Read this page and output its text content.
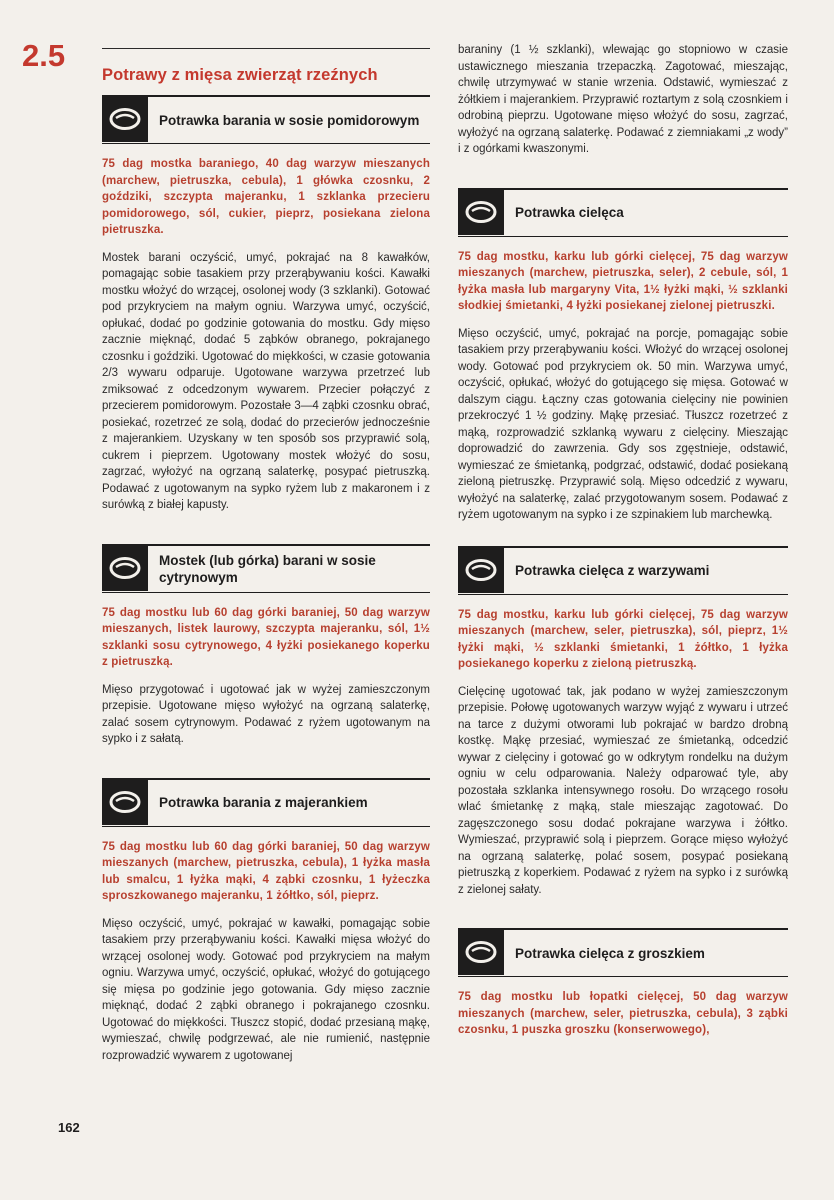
2.5
Potrawy z mięsa zwierząt rzeźnych
Potrawka barania w sosie pomidorowym

75 dag mostka baraniego, 40 dag warzyw mieszanych (marchew, pietruszka, cebula), 1 główka czosnku, 2 goździki, szczypta majeranku, 1 szklanka przecieru pomidorowego, sól, cukier, pieprz, posiekana zielona pietruszka.

Mostek barani oczyścić, umyć, pokrajać na 8 kawałków, pomagając sobie tasakiem przy przerąbywaniu kości. Kawałki mostku włożyć do wrzącej, osolonej wody (3 szklanki). Gotować pod przykryciem na małym ogniu. Warzywa umyć, oczyścić, opłukać, dodać po godzinie gotowania do mostku. Gdy mięso zacznie mięknąć, dodać 5 ząbków obranego, pokrajanego czosnku i goździki. Ugotować do miękkości, w czasie gotowania 2/3 wywaru odparuje. Ugotowane warzywa przetrzeć lub zmiksować z odcedzonym wywarem. Przecier połączyć z przecierem pomidorowym. Pozostałe 3—4 ząbki czosnku obrać, posiekać, rozetrzeć ze solą, dodać do przecierów jednocześnie z majerankiem. Uzyskany w ten sposób sos przyprawić solą, cukrem i pieprzem. Ugotowany mostek włożyć do sosu, zagrzać, wyłożyć na ogrzaną salaterkę, posypać pietruszką. Podawać z ugotowanym na sypko ryżem lub z makaronem i z surówką z białej kapusty.

Mostek (lub górka) barani w sosie cytrynowym

75 dag mostku lub 60 dag górki baraniej, 50 dag warzyw mieszanych, listek laurowy, szczypta majeranku, sól, 1½ szklanki sosu cytrynowego, 4 łyżki posiekanego koperku z pietruszką.

Mięso przygotować i ugotować jak w wyżej zamieszczonym przepisie. Ugotowane mięso wyłożyć na ogrzaną salaterkę, zalać sosem cytrynowym. Podawać z ryżem ugotowanym na sypko i z sałatą.

Potrawka barania z majerankiem

75 dag mostku lub 60 dag górki baraniej, 50 dag warzyw mieszanych (marchew, pietruszka, cebula), 1 łyżka masła lub smalcu, 1 łyżka mąki, 4 ząbki czosnku, 1 łyżeczka sproszkowanego majeranku, 1 żółtko, sól, pieprz.

Mięso oczyścić, umyć, pokrajać w kawałki, pomagając sobie tasakiem przy przerąbywaniu kości. Kawałki mięsa włożyć do wrzącej osolonej wody. Gotować pod przykryciem na małym ogniu. Warzywa umyć, oczyścić, opłukać, włożyć do gotującego się mięsa po godzinie jego gotowania. Gdy mięso zacznie mięknąć, dodać 2 ząbki obranego i pokrajanego czosnku. Ugotować do miękkości. Tłuszcz stopić, dodać przesianą mąkę, wymieszać, chwilę podgrzewać, ale nie rumienić, następnie rozprowadzić wywarem z ugotowanej

baraniny (1 ½ szklanki), wlewając go stopniowo w czasie ustawicznego mieszania trzepaczką. Zagotować, mieszając, chwilę utrzymywać w stanie wrzenia. Odstawić, wymieszać z żółtkiem i majerankiem. Przyprawić roztartym z solą czosnkiem i odrobiną pieprzu. Ugotowane mięso włożyć do sosu, zagrzać, wyłożyć na ogrzaną salaterkę. Podawać z ziemniakami „z wody” i z ogórkami kwaszonymi.

Potrawka cielęca

75 dag mostku, karku lub górki cielęcej, 75 dag warzyw mieszanych (marchew, pietruszka, seler), 2 cebule, sól, 1 łyżka masła lub margaryny Vita, 1½ łyżki mąki, ½ szklanki słodkiej śmietanki, 4 łyżki posiekanej zielonej pietruszki.

Mięso oczyścić, umyć, pokrajać na porcje, pomagając sobie tasakiem przy przerąbywaniu kości. Włożyć do wrzącej osolonej wody. Gotować pod przykryciem ok. 50 min. Warzywa umyć, oczyścić, opłukać, włożyć do gotującego się mięsa. Gotować w dalszym ciągu. Łączny czas gotowania cielęciny nie powinien przekroczyć 1 ½ godziny. Mąkę przesiać. Tłuszcz rozetrzeć z mąką, rozprowadzić szklanką wywaru z cielęciny. Mieszając doprowadzić do zawrzenia. Gdy sos zgęstnieje, odstawić, wymieszać ze śmietanką, podgrzać, odstawić, dodać posiekaną zieloną pietruszkę. Przyprawić solą. Mięso odcedzić z wywaru, wyłożyć na salaterkę, zalać przygotowanym sosem. Podawać z ryżem ugotowanym na sypko i ze szpinakiem lub marchewką.

Potrawka cielęca z warzywami

75 dag mostku, karku lub górki cielęcej, 75 dag warzyw mieszanych (marchew, seler, pietruszka), sól, pieprz, 1½ łyżki mąki, ½ szklanki śmietanki, 1 żółtko, 1 łyżka posiekanego koperku z zieloną pietruszką.

Cielęcinę ugotować tak, jak podano w wyżej zamieszczonym przepisie. Połowę ugotowanych warzyw wyjąć z wywaru i utrzeć na tarce z dużymi otworami lub pokrajać w bardzo drobną kostkę. Mąkę przesiać, wymieszać ze śmietanką, odcedzić wywar z cielęciny i gotować go w odkrytym rondelku na dużym ogniu w celu odparowania. Należy odparować tyle, aby pozostała szklanka intensywnego rosołu. Do wrzącego rosołu wlać śmietankę z mąką, stale mieszając zagotować. Do zagęszczonego sosu dodać pokrajane warzywa i żółtko. Wymieszać, przyprawić solą i pieprzem. Gorące mięso wyłożyć na ogrzaną salaterkę, polać sosem, posypać posiekaną pietruszką z koperkiem. Podawać z ryżem na sypko i z surówką z zielonej sałaty.

Potrawka cielęca z groszkiem

75 dag mostku lub łopatki cielęcej, 50 dag warzyw mieszanych (marchew, seler, pietruszka, cebula), 3 ząbki czosnku, 1 puszka groszku (konserwowego),

162
